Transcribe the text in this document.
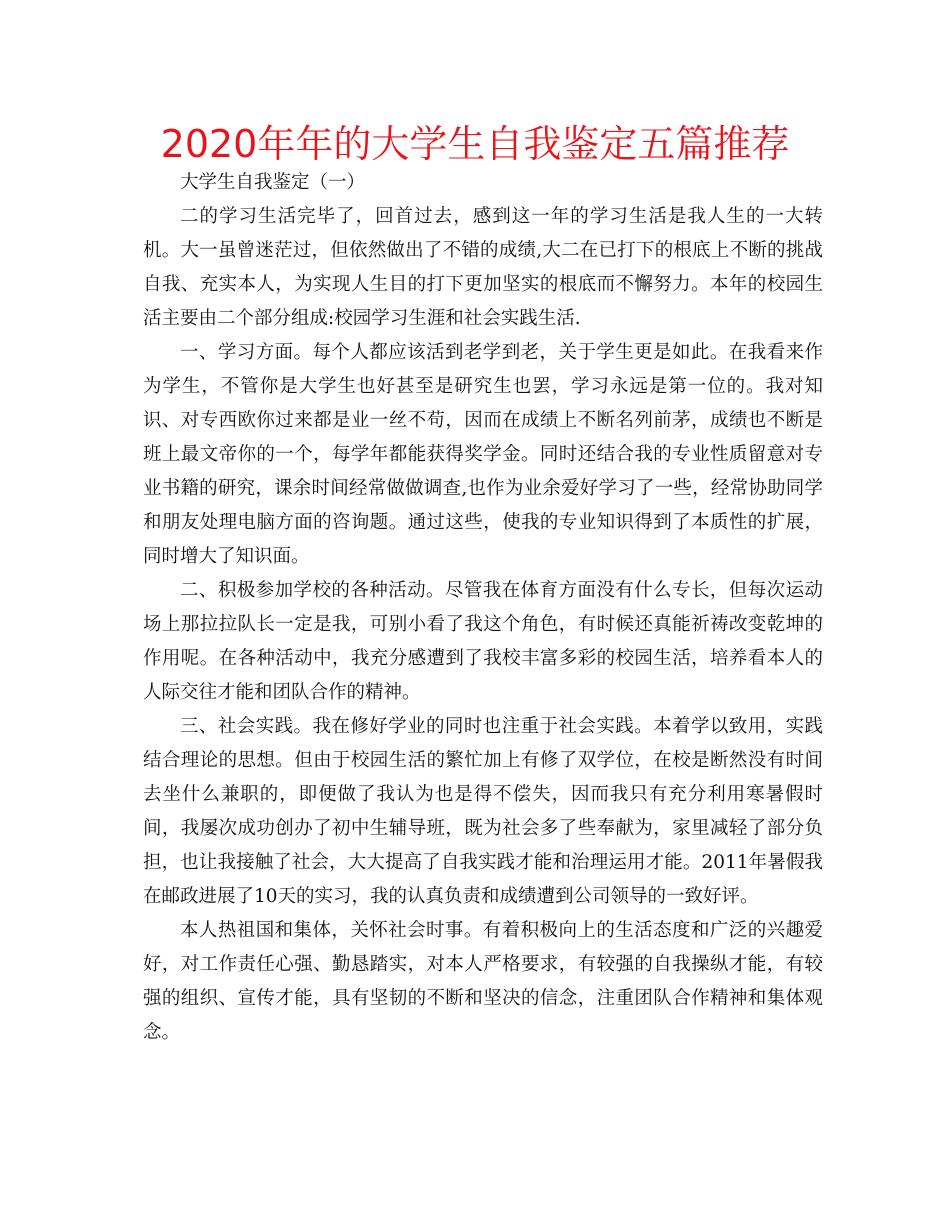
2020年年的大学生自我鉴定五篇推荐

大学生自我鉴定（一）

二的学习生活完毕了，回首过去，感到这一年的学习生活是我人生的一大转机。大一虽曾迷茫过，但依然做出了不错的成绩,大二在已打下的根底上不断的挑战自我、充实本人，为实现人生目的打下更加坚实的根底而不懈努力。本年的校园生活主要由二个部分组成:校园学习生涯和社会实践生活.

一、学习方面。每个人都应该活到老学到老，关于学生更是如此。在我看来作为学生，不管你是大学生也好甚至是研究生也罢，学习永远是第一位的。我对知识、对专西欧你过来都是业一丝不苟，因而在成绩上不断名列前茅，成绩也不断是班上最文帝你的一个，每学年都能获得奖学金。同时还结合我的专业性质留意对专业书籍的研究，课余时间经常做做调查,也作为业余爱好学习了一些，经常协助同学和朋友处理电脑方面的咨询题。通过这些，使我的专业知识得到了本质性的扩展，同时增大了知识面。

二、积极参加学校的各种活动。尽管我在体育方面没有什么专长，但每次运动场上那拉拉队长一定是我，可别小看了我这个角色，有时候还真能祈祷改变乾坤的作用呢。在各种活动中，我充分感遭到了我校丰富多彩的校园生活，培养看本人的人际交往才能和团队合作的精神。

三、社会实践。我在修好学业的同时也注重于社会实践。本着学以致用，实践结合理论的思想。但由于校园生活的繁忙加上有修了双学位，在校是断然没有时间去坐什么兼职的，即便做了我认为也是得不偿失，因而我只有充分利用寒暑假时间，我屡次成功创办了初中生辅导班，既为社会多了些奉献为，家里减轻了部分负担，也让我接触了社会，大大提高了自我实践才能和治理运用才能。2011年暑假我在邮政进展了10天的实习，我的认真负责和成绩遭到公司领导的一致好评。

本人热祖国和集体，关怀社会时事。有着积极向上的生活态度和广泛的兴趣爱好，对工作责任心强、勤恳踏实，对本人严格要求，有较强的自我操纵才能，有较强的组织、宣传才能，具有坚韧的不断和坚决的信念，注重团队合作精神和集体观念。
